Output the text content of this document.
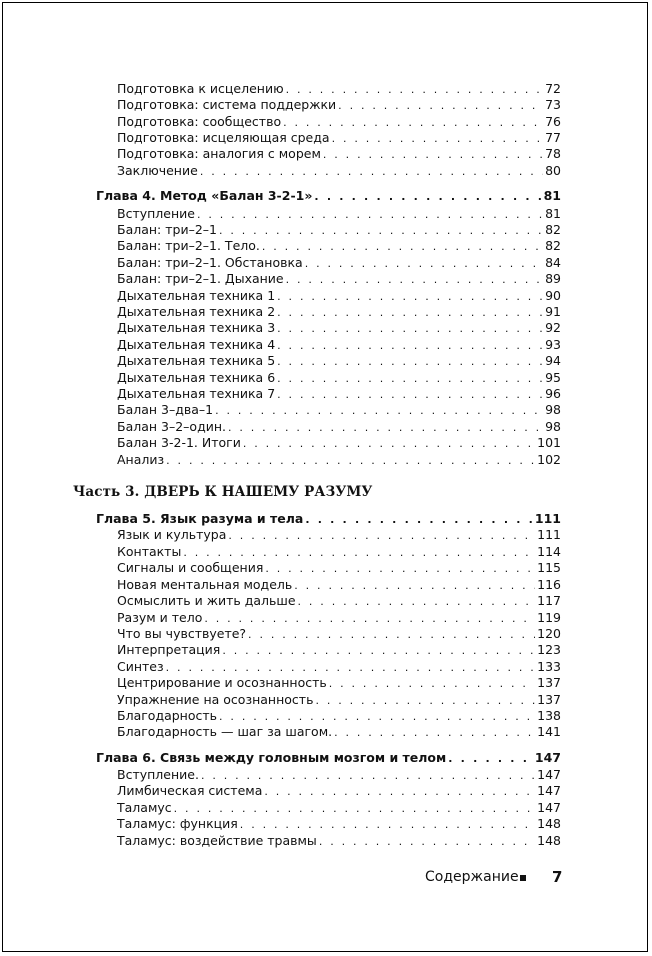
Подготовка к исцелению . . .	72
Подготовка: система поддержки . . .	73
Подготовка: сообщество . . .	76
Подготовка: исцеляющая среда . . .	77
Подготовка: аналогия с морем . . .	78
Заключение . . .	80
Глава 4. Метод «Балан 3-2-1» . . .	81
Вступление . . .	81
Балан: три–2–1 . . .	82
Балан: три–2–1. Тело. . . .	82
Балан: три–2–1. Обстановка . . .	84
Балан: три–2–1. Дыхание . . .	89
Дыхательная техника 1 . . .	90
Дыхательная техника 2 . . .	91
Дыхательная техника 3 . . .	92
Дыхательная техника 4 . . .	93
Дыхательная техника 5 . . .	94
Дыхательная техника 6 . . .	95
Дыхательная техника 7 . . .	96
Балан 3–два–1 . . .	98
Балан 3–2–один. . . .	98
Балан 3-2-1. Итоги . . .	101
Анализ . . .	102
Часть 3. ДВЕРЬ К НАШЕМУ РАЗУМУ
Глава 5. Язык разума и тела . . .	111
Язык и культура . . .	111
Контакты . . .	114
Сигналы и сообщения . . .	115
Новая ментальная модель . . .	116
Осмыслить и жить дальше . . .	117
Разум и тело . . .	119
Что вы чувствуете? . . .	120
Интерпретация . . .	123
Синтез . . .	133
Центрирование и осознанность . . .	137
Упражнение на осознанность . . .	137
Благодарность . . .	138
Благодарность — шаг за шагом. . . .	141
Глава 6. Связь между головным мозгом и телом . . .	147
Вступление. . . .	147
Лимбическая система . . .	147
Таламус . . .	147
Таламус: функция . . .	148
Таламус: воздействие травмы . . .	148
Содержание 7
